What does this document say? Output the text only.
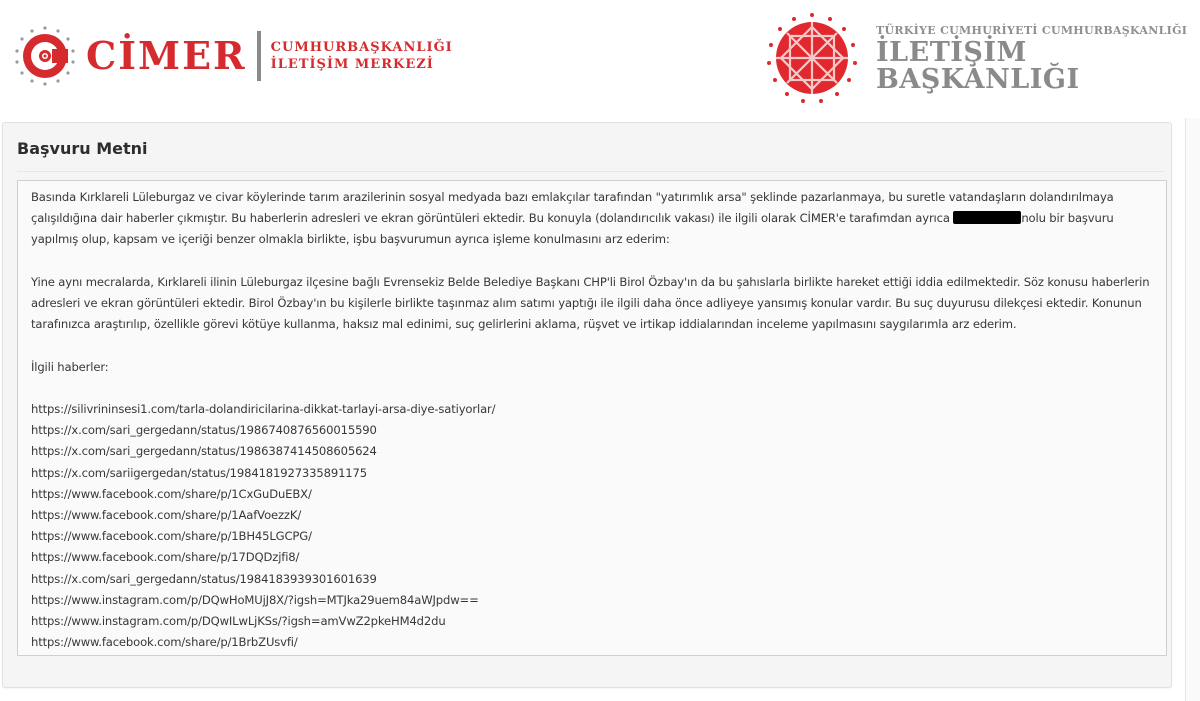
CİMER CUMHURBAŞKANLIĞI
İLETİŞİM MERKEZİ
TÜRKİYE CUMHURİYETİ CUMHURBAŞKANLIĞI
İLETİŞİM BAŞKANLIĞI
Başvuru Metni

Basında Kırklareli Lüleburgaz ve civar köylerinde tarım arazilerinin sosyal medyada bazı emlakçılar tarafından "yatırımlık arsa" şeklinde pazarlanmaya, bu suretle vatandaşların dolandırılmaya çalışıldığına dair haberler çıkmıştır. Bu haberlerin adresleri ve ekran görüntüleri ektedir. Bu konuyla (dolandırıcılık vakası) ile ilgili olarak CİMER'e tarafımdan ayrıca	nolu bir başvuru yapılmış olup, kapsam ve içeriği benzer olmakla birlikte, işbu başvurumun ayrıca işleme konulmasını arz ederim:

Yine aynı mecralarda, Kırklareli ilinin Lüleburgaz ilçesine bağlı Evrensekiz Belde Belediye Başkanı CHP'li Birol Özbay'ın da bu şahıslarla birlikte hareket ettiği iddia edilmektedir. Söz konusu haberlerin adresleri ve ekran görüntüleri ektedir. Birol Özbay'ın bu kişilerle birlikte taşınmaz alım satımı yaptığı ile ilgili daha önce adliyeye yansımış konular vardır. Bu suç duyurusu dilekçesi ektedir. Konunun tarafınızca araştırılıp, özellikle görevi kötüye kullanma, haksız mal edinimi, suç gelirlerini aklama, rüşvet ve irtikap iddialarından inceleme yapılmasını saygılarımla arz ederim.

İlgili haberler:

https://silivrininsesi1.com/tarla-dolandiricilarina-dikkat-tarlayi-arsa-diye-satiyorlar/
https://x.com/sari_gergedann/status/1986740876560015590
https://x.com/sari_gergedann/status/1986387414508605624
https://x.com/sariigergedan/status/1984181927335891175
https://www.facebook.com/share/p/1CxGuDuEBX/
https://www.facebook.com/share/p/1AafVoezzK/
https://www.facebook.com/share/p/1BH45LGCPG/
https://www.facebook.com/share/p/17DQDzjfi8/
https://x.com/sari_gergedann/status/1984183939301601639
https://www.instagram.com/p/DQwHoMUjJ8X/?igsh=MTJka29uem84aWJpdw==
https://www.instagram.com/p/DQwILwLjKSs/?igsh=amVwZ2pkeHM4d2du
https://www.facebook.com/share/p/1BrbZUsvfi/
